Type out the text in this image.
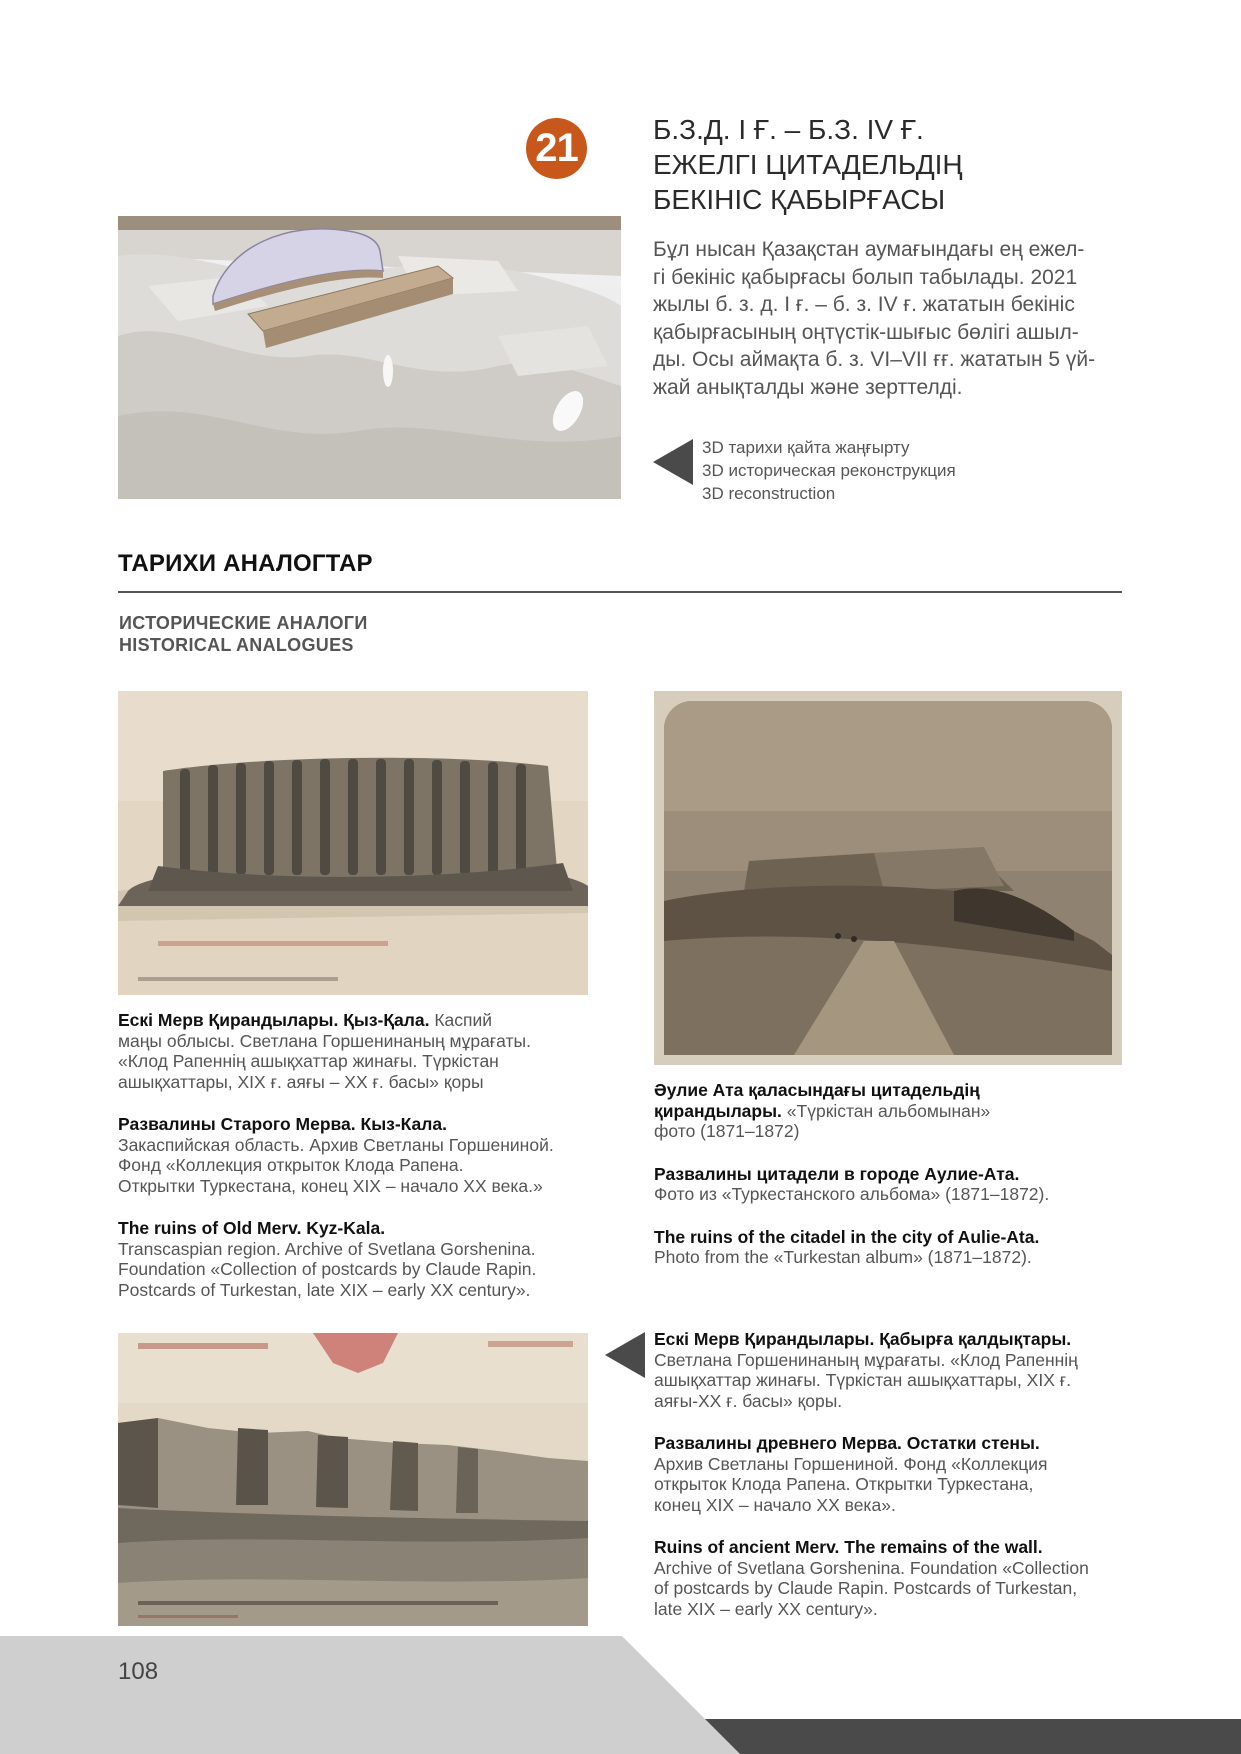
21	Б.З.Д. І Ғ. – Б.З. ІV Ғ.
ЕЖЕЛГІ ЦИТАДЕЛЬДІҢ
БЕКІНІС ҚАБЫРҒАСЫ
Бұл нысан Қазақстан аумағындағы ең ежел-
гі бекініс қабырғасы болып табылады. 2021
жылы б. з. д. І ғ. – б. з. ІV ғ. жататын бекініс
қабырғасының оңтүстік-шығыс бөлігі ашыл-
ды. Осы аймақта б. з. VІ–VІІ ғғ. жататын 5 үй-
жай анықталды және зерттелді.
3D тарихи қайта жаңғырту
3D историческая реконструкция
3D reconstruction
ТАРИХИ АНАЛОГТАР
ИСТОРИЧЕСКИЕ АНАЛОГИ
HISTORICAL ANALOGUES

Ескі Мерв Қирандылары. Қыз-Қала. Каспий
маңы облысы. Светлана Горшенинаның мұрағаты.
«Клод Рапеннің ашықхаттар жинағы. Түркістан
ашықхаттары, ХІХ ғ. аяғы – ХХ ғ. басы» қоры

Развалины Старого Мерва. Кыз-Кала.
Закаспийская область. Архив Светланы Горшениной.
Фонд «Коллекция открыток Клода Рапена.
Открытки Туркестана, конец ХІХ – начало ХХ века.»

The ruins of Old Merv. Kyz-Kala.
Transcaspian region. Archive of Svetlana Gorshenina.
Foundation «Collection of postcards by Claude Rapin.
Postcards of Turkestan, late XIX – early XX century».

Әулие Ата қаласындағы цитадельдің
қирандылары. «Түркістан альбомынан»
фото (1871–1872)

Развалины цитадели в городе Аулие-Ата.
Фото из «Туркестанского альбома» (1871–1872).

The ruins of the citadel in the city of Aulie-Ata.
Photo from the «Turkestan album» (1871–1872).

Ескі Мерв Қирандылары. Қабырға қалдықтары.
Светлана Горшенинаның мұрағаты. «Клод Рапеннің
ашықхаттар жинағы. Түркістан ашықхаттары, ХІХ ғ.
аяғы-ХХ ғ. басы» қоры.

Развалины древнего Мерва. Остатки стены.
Архив Светланы Горшениной. Фонд «Коллекция
открыток Клода Рапена. Открытки Туркестана,
конец ХІХ – начало ХХ века».

Ruins of ancient Merv. The remains of the wall.
Archive of Svetlana Gorshenina. Foundation «Collection
of postcards by Claude Rapin. Postcards of Turkestan,
late XIX – early XX century».

108
